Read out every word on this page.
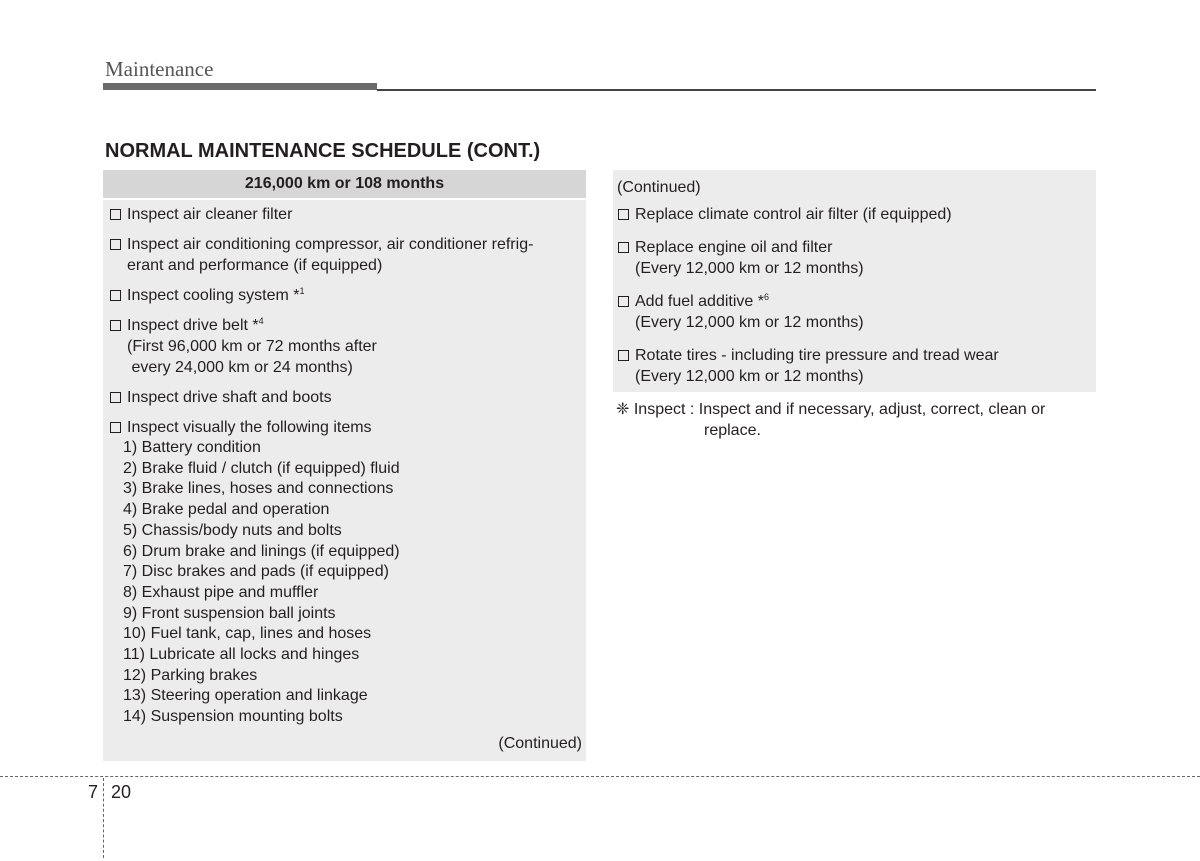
Maintenance
NORMAL MAINTENANCE SCHEDULE (CONT.)
216,000 km or 108 months
Inspect air cleaner filter
Inspect air conditioning compressor, air conditioner refrig-
erant and performance (if equipped)
Inspect cooling system *$^1$
Inspect drive belt *$^4$
(First 96,000 km or 72 months after
every 24,000 km or 24 months)
Inspect drive shaft and boots
Inspect visually the following items
1) Battery condition
2) Brake fluid / clutch (if equipped) fluid
3) Brake lines, hoses and connections
4) Brake pedal and operation
5) Chassis/body nuts and bolts
6) Drum brake and linings (if equipped)
7) Disc brakes and pads (if equipped)
8) Exhaust pipe and muffler
9) Front suspension ball joints
10) Fuel tank, cap, lines and hoses
11) Lubricate all locks and hinges
12) Parking brakes
13) Steering operation and linkage
14) Suspension mounting bolts
(Continued)
(Continued)
Replace climate control air filter (if equipped)
Replace engine oil and filter
(Every 12,000 km or 12 months)
Add fuel additive *$^6$
(Every 12,000 km or 12 months)
Rotate tires - including tire pressure and tread wear
(Every 12,000 km or 12 months)
❈
Inspect :
Inspect and if necessary, adjust, correct, clean or
replace.
7 20
